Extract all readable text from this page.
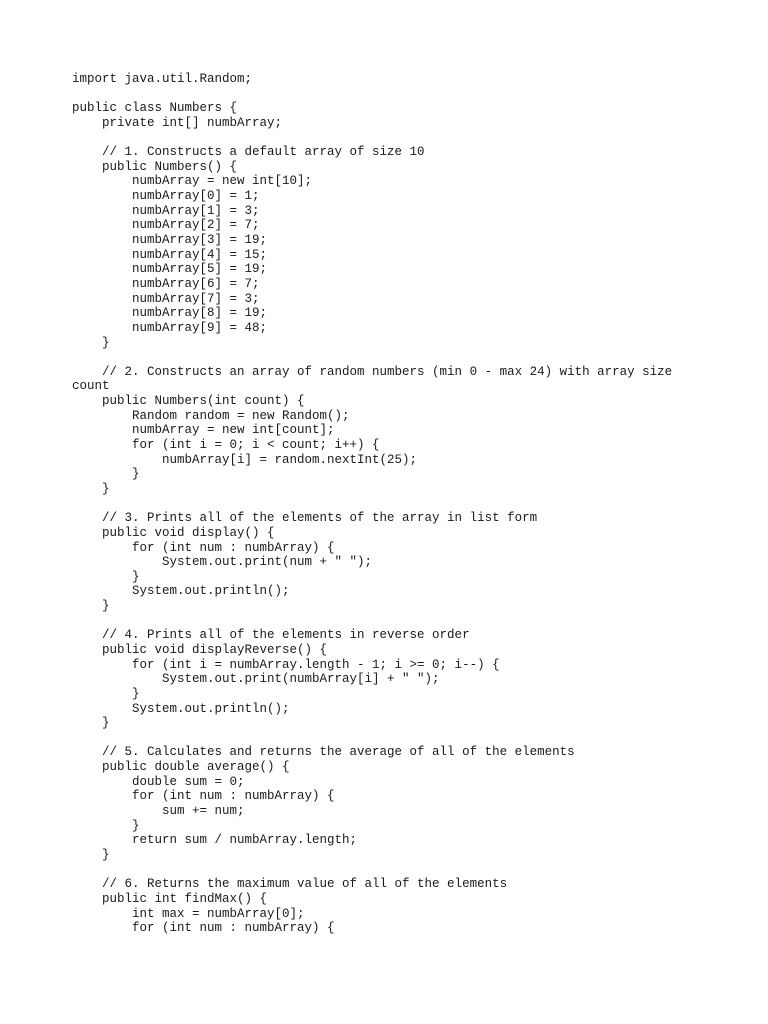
import java.util.Random;
public class Numbers {
private int[] numbArray;
// 1. Constructs a default array of size 10
public Numbers() {
numbArray = new int[10];
numbArray[0] = 1;
numbArray[1] = 3;
numbArray[2] = 7;
numbArray[3] = 19;
numbArray[4] = 15;
numbArray[5] = 19;
numbArray[6] = 7;
numbArray[7] = 3;
numbArray[8] = 19;
numbArray[9] = 48;
}
// 2. Constructs an array of random numbers (min 0 - max 24) with array size
count
public Numbers(int count) {
Random random = new Random();
numbArray = new int[count];
for (int i = 0; i < count; i++) {
numbArray[i] = random.nextInt(25);
}
}
// 3. Prints all of the elements of the array in list form
public void display() {
for (int num : numbArray) {
System.out.print(num + " ");
}
System.out.println();
}
// 4. Prints all of the elements in reverse order
public void displayReverse() {
for (int i = numbArray.length - 1; i >= 0; i--) {
System.out.print(numbArray[i] + " ");
}
System.out.println();
}
// 5. Calculates and returns the average of all of the elements
public double average() {
double sum = 0;
for (int num : numbArray) {
sum += num;
}
return sum / numbArray.length;
}
// 6. Returns the maximum value of all of the elements
public int findMax() {
int max = numbArray[0];
for (int num : numbArray) {
